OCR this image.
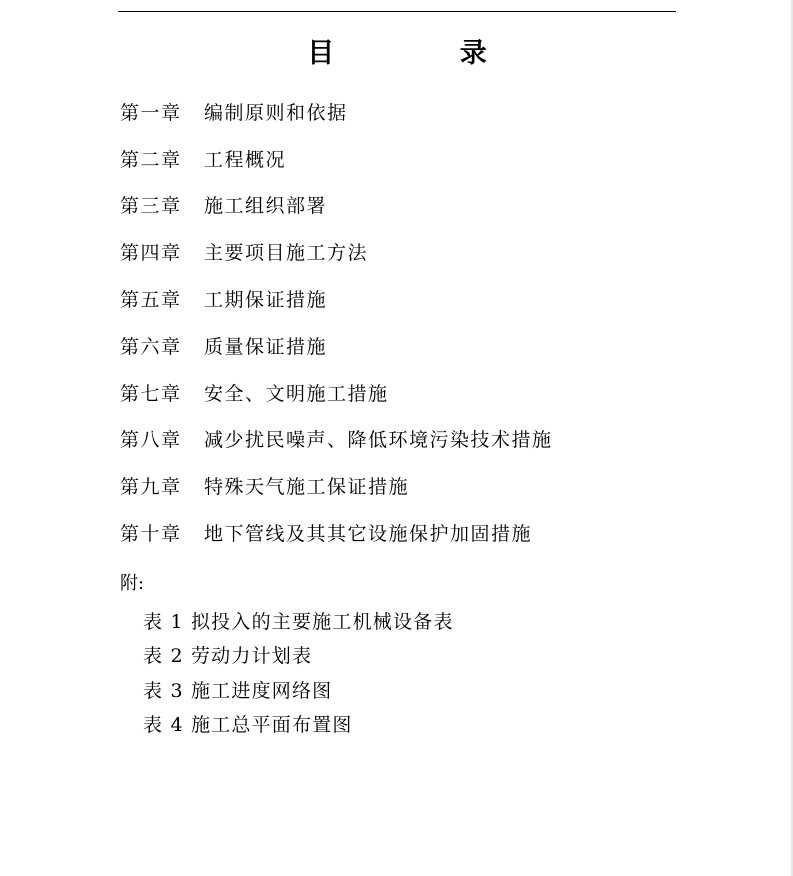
目 录
第一章	编制原则和依据
第二章	工程概况
第三章	施工组织部署
第四章	主要项目施工方法
第五章	工期保证措施
第六章	质量保证措施
第七章	安全、文明施工措施
第八章	减少扰民噪声、降低环境污染技术措施
第九章	特殊天气施工保证措施
第十章	地下管线及其其它设施保护加固措施
附:
表 1 拟投入的主要施工机械设备表
表 2 劳动力计划表
表 3 施工进度网络图
表 4 施工总平面布置图
